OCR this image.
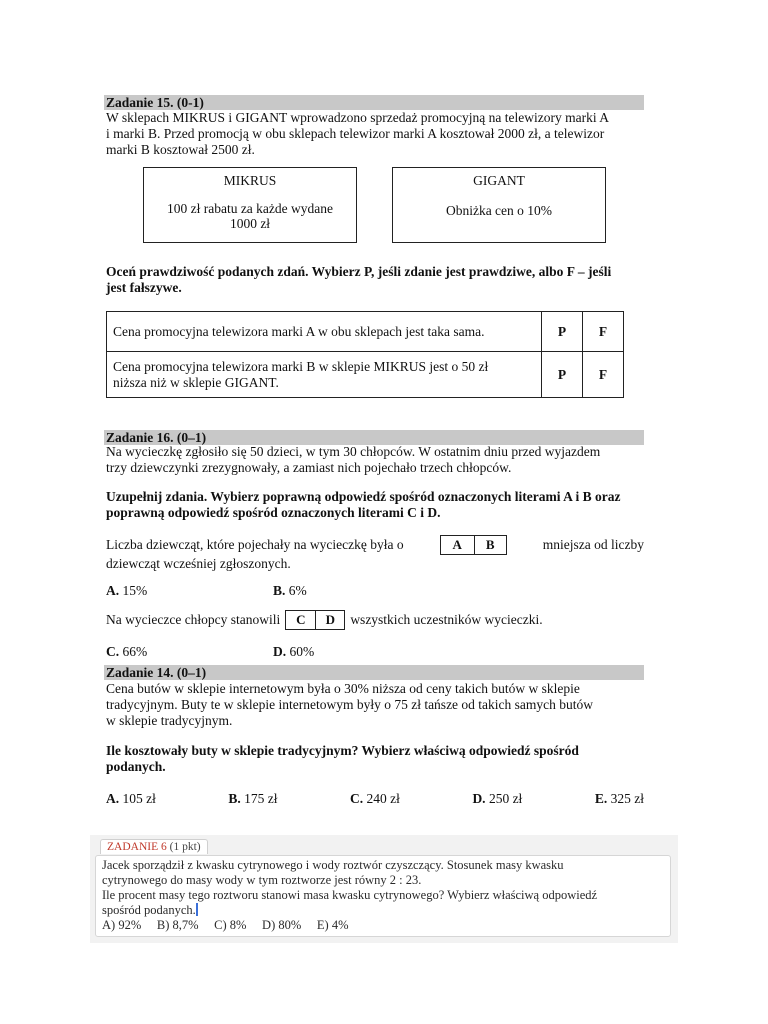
Zadanie 15. (0-1)
W sklepach MIKRUS i GIGANT wprowadzono sprzedaż promocyjną na telewizory marki A
i marki B. Przed promocją w obu sklepach telewizor marki A kosztował 2000 zł, a telewizor
marki B kosztował 2500 zł.
MIKRUS
100 zł rabatu za każde wydane
1000 zł
GIGANT
Obniżka cen o 10%
Oceń prawdziwość podanych zdań. Wybierz P, jeśli zdanie jest prawdziwe, albo F – jeśli
jest fałszywe.
Cena promocyjna telewizora marki A w obu sklepach jest taka sama.	P	F

Cena promocyjna telewizora marki B w sklepie MIKRUS jest o 50 zł
niższa niż w sklepie GIGANT.	P	F
Zadanie 16. (0–1)
Na wycieczkę zgłosiło się 50 dzieci, w tym 30 chłopców. W ostatnim dniu przed wyjazdem
trzy dziewczynki zrezygnowały, a zamiast nich pojechało trzech chłopców.
Uzupełnij zdania. Wybierz poprawną odpowiedź spośród oznaczonych literami A i B oraz
poprawną odpowiedź spośród oznaczonych literami C i D.
Liczba dziewcząt, które pojechały na wycieczkę była o	A	B	mniejsza od liczby
dziewcząt wcześniej zgłoszonych.
A. 15%	B. 6%
Na wycieczce chłopcy stanowili	C	D	wszystkich uczestników wycieczki.
C. 66%	D. 60%
Zadanie 14. (0–1)
Cena butów w sklepie internetowym była o 30% niższa od ceny takich butów w sklepie
tradycyjnym. Buty te w sklepie internetowym były o 75 zł tańsze od takich samych butów
w sklepie tradycyjnym.
Ile kosztowały buty w sklepie tradycyjnym? Wybierz właściwą odpowiedź spośród
podanych.
A. 105 zł	B. 175 zł	C. 240 zł	D. 250 zł	E. 325 zł
ZADANIE 6 (1 pkt)
Jacek sporządził z kwasku cytrynowego i wody roztwór czyszczący. Stosunek masy kwasku
cytrynowego do masy wody w tym roztworze jest równy 2 : 23.
Ile procent masy tego roztworu stanowi masa kwasku cytrynowego? Wybierz właściwą odpowiedź
spośród podanych.
A) 92%     B) 8,7%     C) 8%     D) 80%     E) 4%
